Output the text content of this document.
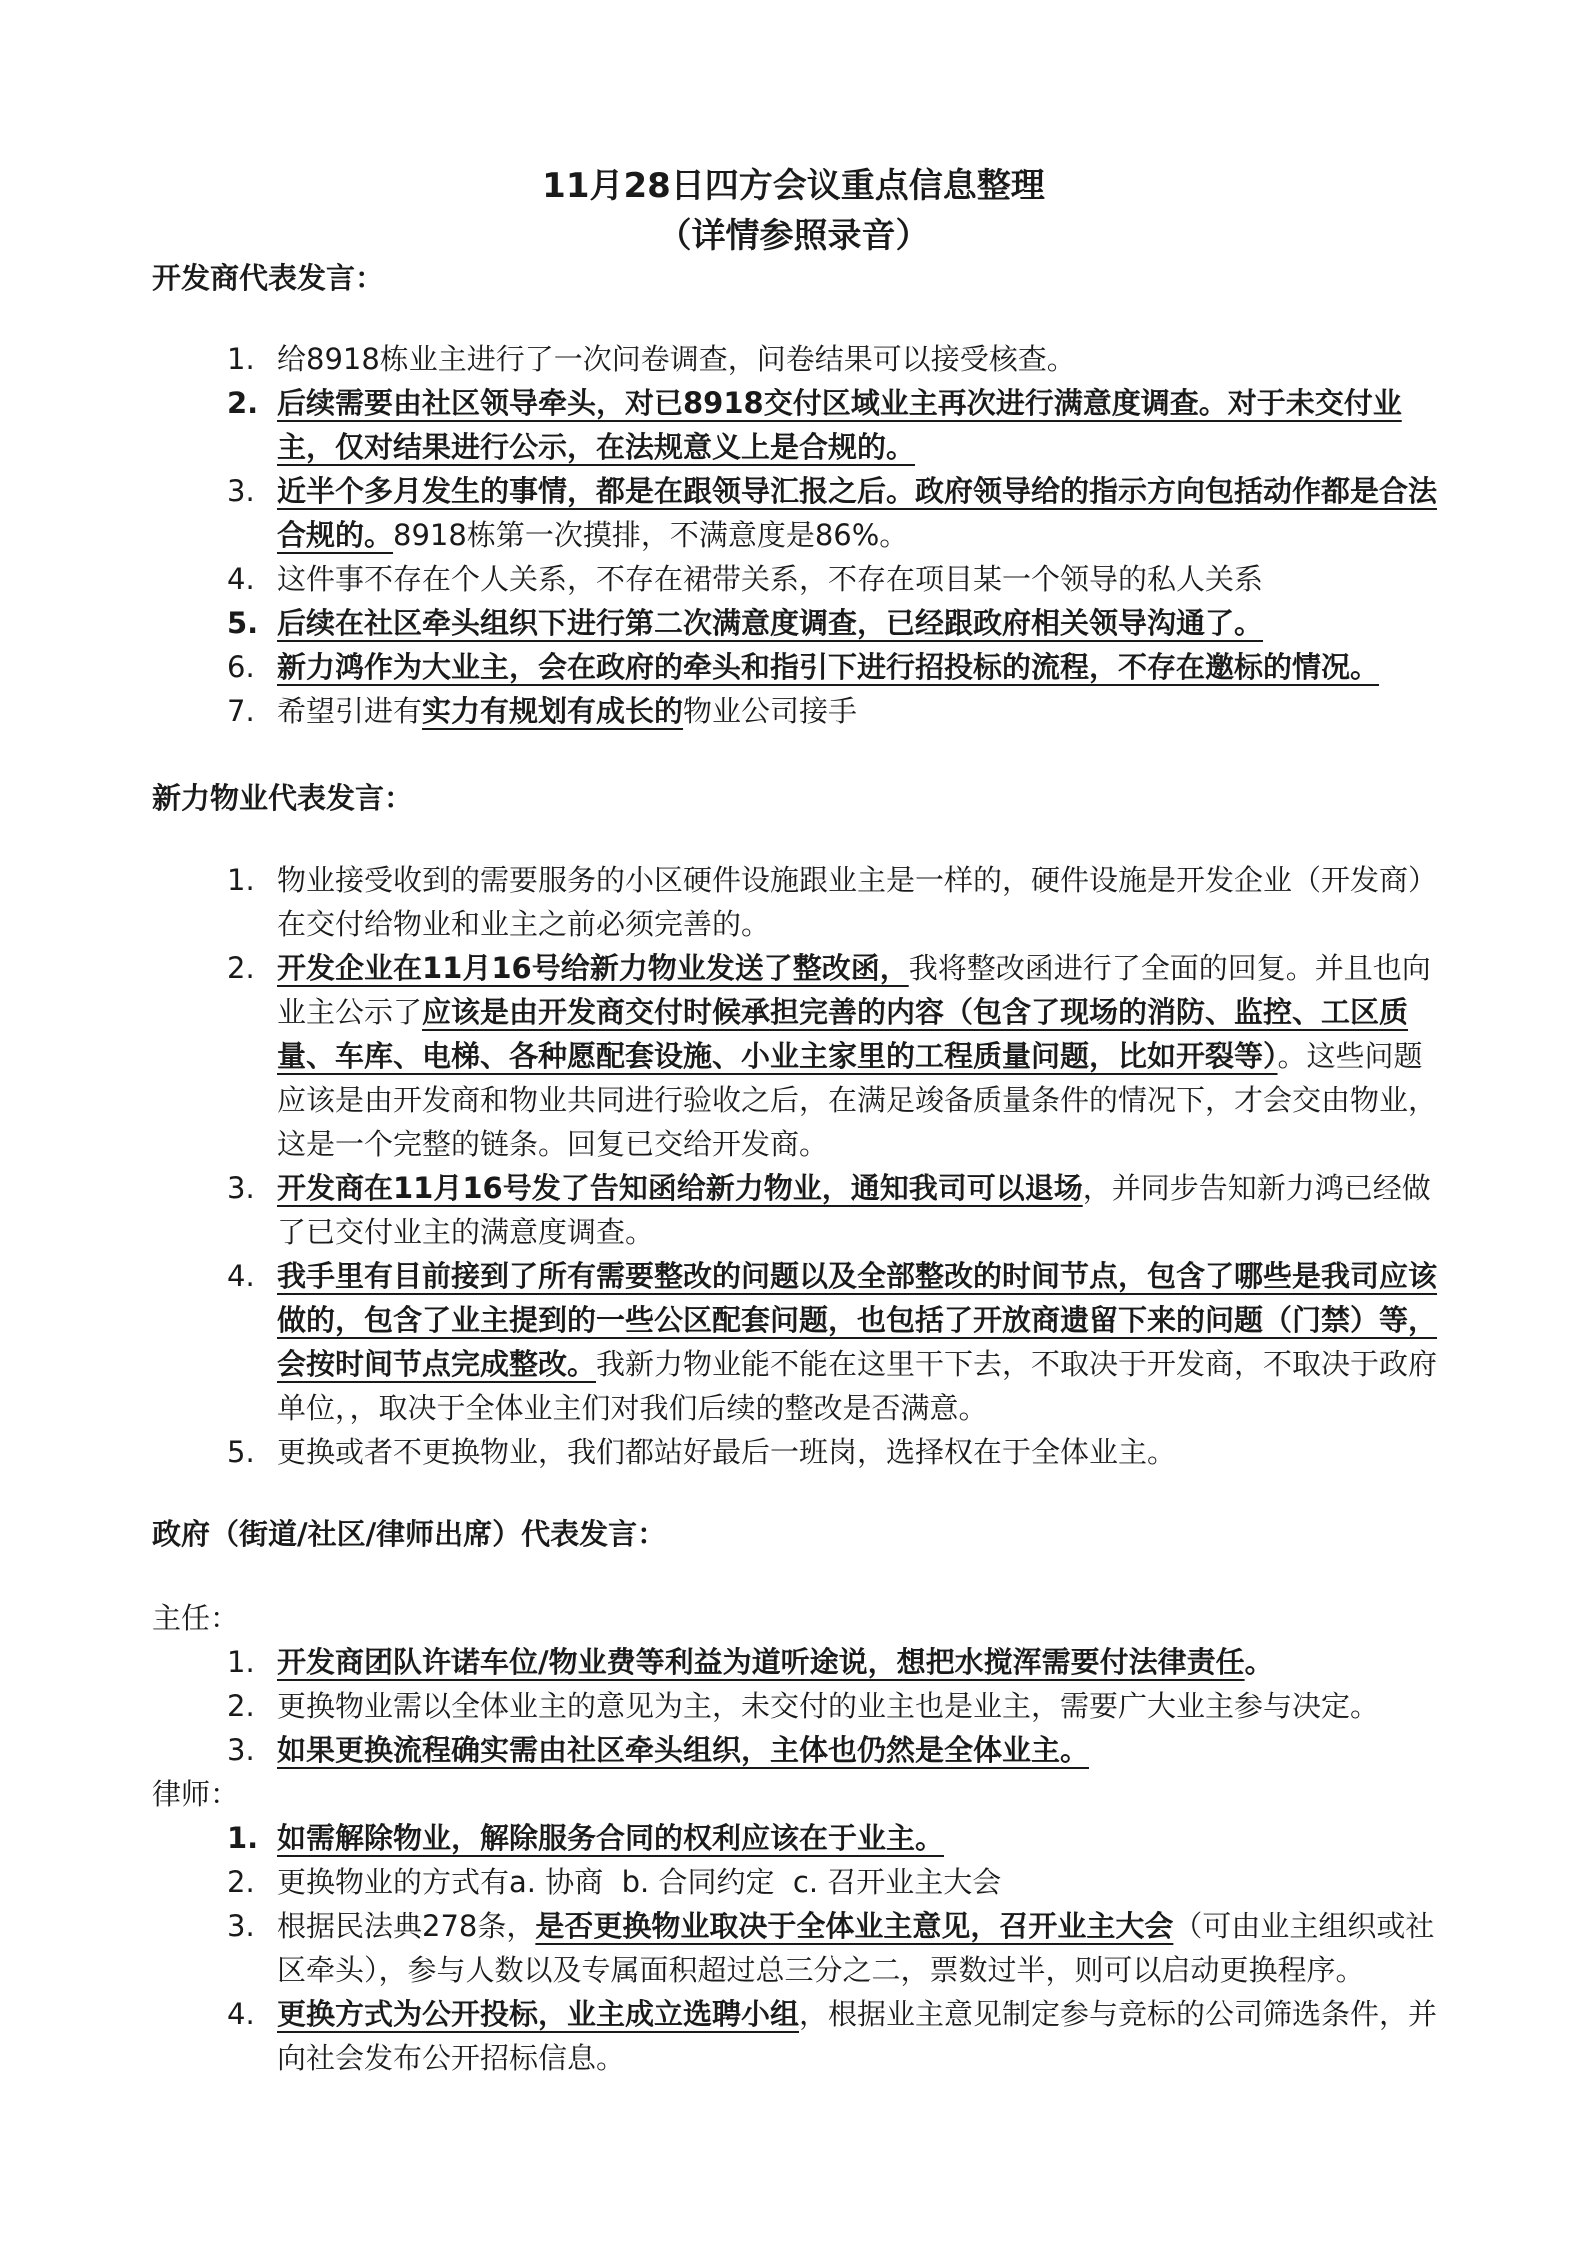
11月28日四方会议重点信息整理
（详情参照录音）
开发商代表发言：
1. 给8918栋业主进行了一次问卷调查，问卷结果可以接受核查。
2. 后续需要由社区领导牵头，对已8918交付区域业主再次进行满意度调查。对于未交付业主，仅对结果进行公示，在法规意义上是合规的。
3. 近半个多月发生的事情，都是在跟领导汇报之后。政府领导给的指示方向包括动作都是合法合规的。8918栋第一次摸排，不满意度是86%。
4. 这件事不存在个人关系，不存在裙带关系，不存在项目某一个领导的私人关系
5. 后续在社区牵头组织下进行第二次满意度调查，已经跟政府相关领导沟通了。
6. 新力鸿作为大业主，会在政府的牵头和指引下进行招投标的流程，不存在邀标的情况。
7. 希望引进有实力有规划有成长的物业公司接手
新力物业代表发言：
1. 物业接受收到的需要服务的小区硬件设施跟业主是一样的，硬件设施是开发企业（开发商）在交付给物业和业主之前必须完善的。
2. 开发企业在11月16号给新力物业发送了整改函，我将整改函进行了全面的回复。并且也向业主公示了应该是由开发商交付时候承担完善的内容（包含了现场的消防、监控、工区质量、车库、电梯、各种愿配套设施、小业主家里的工程质量问题，比如开裂等）。这些问题应该是由开发商和物业共同进行验收之后，在满足竣备质量条件的情况下，才会交由物业，这是一个完整的链条。回复已交给开发商。
3. 开发商在11月16号发了告知函给新力物业，通知我司可以退场，并同步告知新力鸿已经做了已交付业主的满意度调查。
4. 我手里有目前接到了所有需要整改的问题以及全部整改的时间节点，包含了哪些是我司应该做的，包含了业主提到的一些公区配套问题，也包括了开放商遗留下来的问题（门禁）等，会按时间节点完成整改。我新力物业能不能在这里干下去，不取决于开发商，不取决于政府单位，，取决于全体业主们对我们后续的整改是否满意。
5. 更换或者不更换物业，我们都站好最后一班岗，选择权在于全体业主。
政府（街道/社区/律师出席）代表发言：
主任：
1. 开发商团队许诺车位/物业费等利益为道听途说，想把水搅浑需要付法律责任。
2. 更换物业需以全体业主的意见为主，未交付的业主也是业主，需要广大业主参与决定。
3. 如果更换流程确实需由社区牵头组织，主体也仍然是全体业主。
律师：
1. 如需解除物业，解除服务合同的权利应该在于业主。
2. 更换物业的方式有a. 协商  b. 合同约定  c. 召开业主大会
3. 根据民法典278条，是否更换物业取决于全体业主意见，召开业主大会（可由业主组织或社区牵头），参与人数以及专属面积超过总三分之二，票数过半，则可以启动更换程序。
4. 更换方式为公开投标，业主成立选聘小组，根据业主意见制定参与竞标的公司筛选条件，并向社会发布公开招标信息。
